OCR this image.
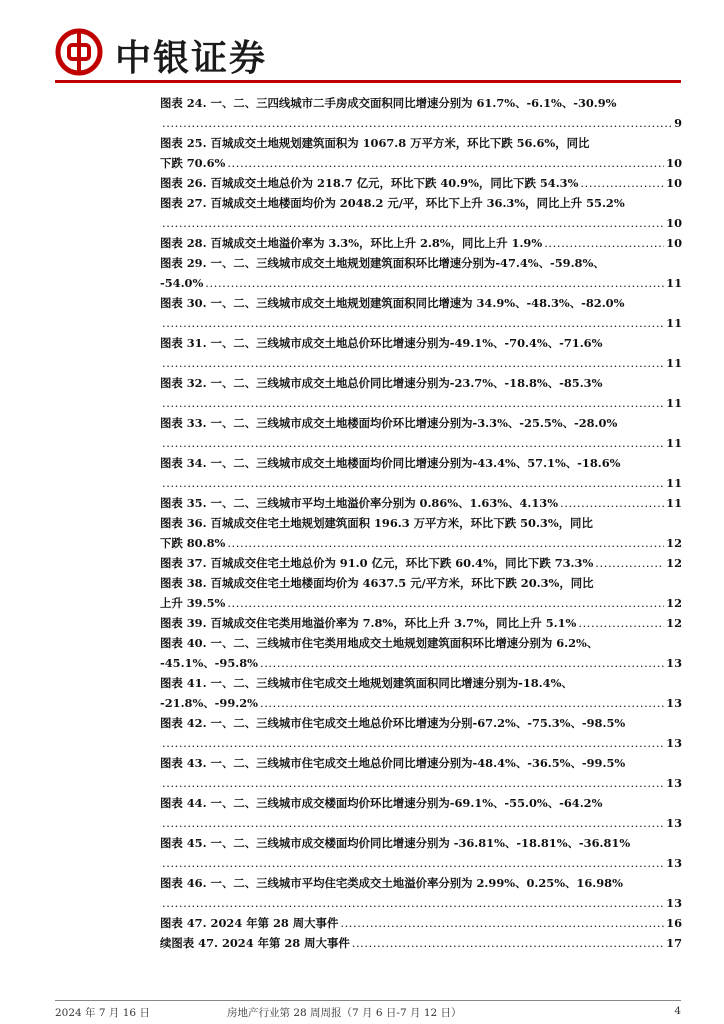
中银证券
图表 24. 一、二、三四线城市二手房成交面积同比增速分别为 61.7%、-6.1%、-30.9%
.....
9
图表 25. 百城成交土地规划建筑面积为 1067.8 万平方米，环比下跌 56.6%，同比
下跌 70.6% .....	10
图表 26. 百城成交土地总价为 218.7 亿元，环比下跌 40.9%，同比下跌 54.3% .....	10
图表 27. 百城成交土地楼面均价为 2048.2 元/平，环比下上升 36.3%，同比上升 55.2%
.....
10
图表 28. 百城成交土地溢价率为 3.3%，环比上升 2.8%，同比上升 1.9% .....	10
图表 29. 一、二、三线城市成交土地规划建筑面积环比增速分别为-47.4%、-59.8%、
-54.0% .....	11
图表 30. 一、二、三线城市成交土地规划建筑面积同比增速为 34.9%、-48.3%、-82.0%
.....
11
图表 31. 一、二、三线城市成交土地总价环比增速分别为-49.1%、-70.4%、-71.6%
.....
11
图表 32. 一、二、三线城市成交土地总价同比增速分别为-23.7%、-18.8%、-85.3%
.....
11
图表 33. 一、二、三线城市成交土地楼面均价环比增速分别为-3.3%、-25.5%、-28.0%
.....
11
图表 34. 一、二、三线城市成交土地楼面均价同比增速分别为-43.4%、57.1%、-18.6%
.....
11
图表 35. 一、二、三线城市平均土地溢价率分别为 0.86%、1.63%、4.13% .....	11
图表 36. 百城成交住宅土地规划建筑面积 196.3 万平方米，环比下跌 50.3%，同比
下跌 80.8% .....	12
图表 37. 百城成交住宅土地总价为 91.0 亿元，环比下跌 60.4%，同比下跌 73.3% .....	12
图表 38. 百城成交住宅土地楼面均价为 4637.5 元/平方米，环比下跌 20.3%，同比
上升 39.5% .....	12
图表 39. 百城成交住宅类用地溢价率为 7.8%，环比上升 3.7%，同比上升 5.1% .....	12
图表 40. 一、二、三线城市住宅类用地成交土地规划建筑面积环比增速分别为 6.2%、
-45.1%、-95.8% .....	13
图表 41. 一、二、三线城市住宅成交土地规划建筑面积同比增速分别为-18.4%、
-21.8%、-99.2% .....	13
图表 42. 一、二、三线城市住宅成交土地总价环比增速为分别-67.2%、-75.3%、-98.5%
.....
13
图表 43. 一、二、三线城市住宅成交土地总价同比增速分别为-48.4%、-36.5%、-99.5%
.....
13
图表 44. 一、二、三线城市成交楼面均价环比增速分别为-69.1%、-55.0%、-64.2%
.....
13
图表 45. 一、二、三线城市成交楼面均价同比增速分别为 -36.81%、-18.81%、-36.81%
.....
13
图表 46. 一、二、三线城市平均住宅类成交土地溢价率分别为 2.99%、0.25%、16.98%
.....
13
图表 47. 2024 年第 28 周大事件 .....	16
续图表 47. 2024 年第 28 周大事件 .....	17
2024 年 7 月 16 日	房地产行业第 28 周周报（7 月 6 日-7 月 12 日）	4
